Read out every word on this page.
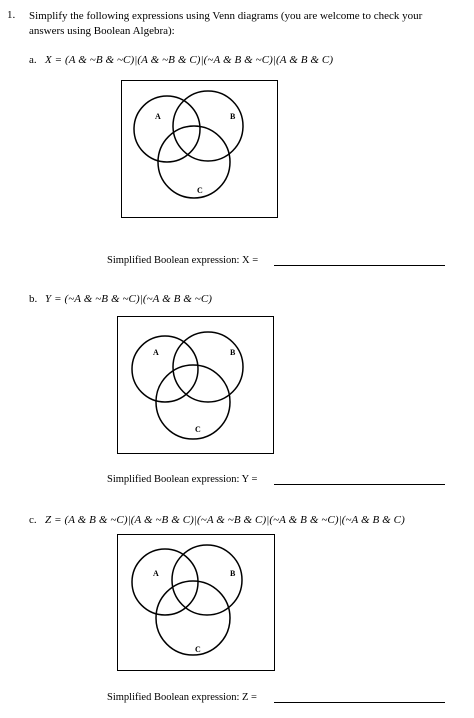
1. Simplify the following expressions using Venn diagrams (you are welcome to check your
answers using Boolean Algebra):
a. X = (A & ~B & ~C)|(A & ~B & C)|(~A & B & ~C)|(A & B & C)
A	B
C
Simplified Boolean expression: X =
b. Y = (~A & ~B & ~C)|(~A & B & ~C)
A	B
C
Simplified Boolean expression: Y =
c. Z = (A & B & ~C)|(A & ~B & C)|(~A & ~B & C)|(~A & B & ~C)|(~A & B & C)
A	B
C
Simplified Boolean expression: Z =
